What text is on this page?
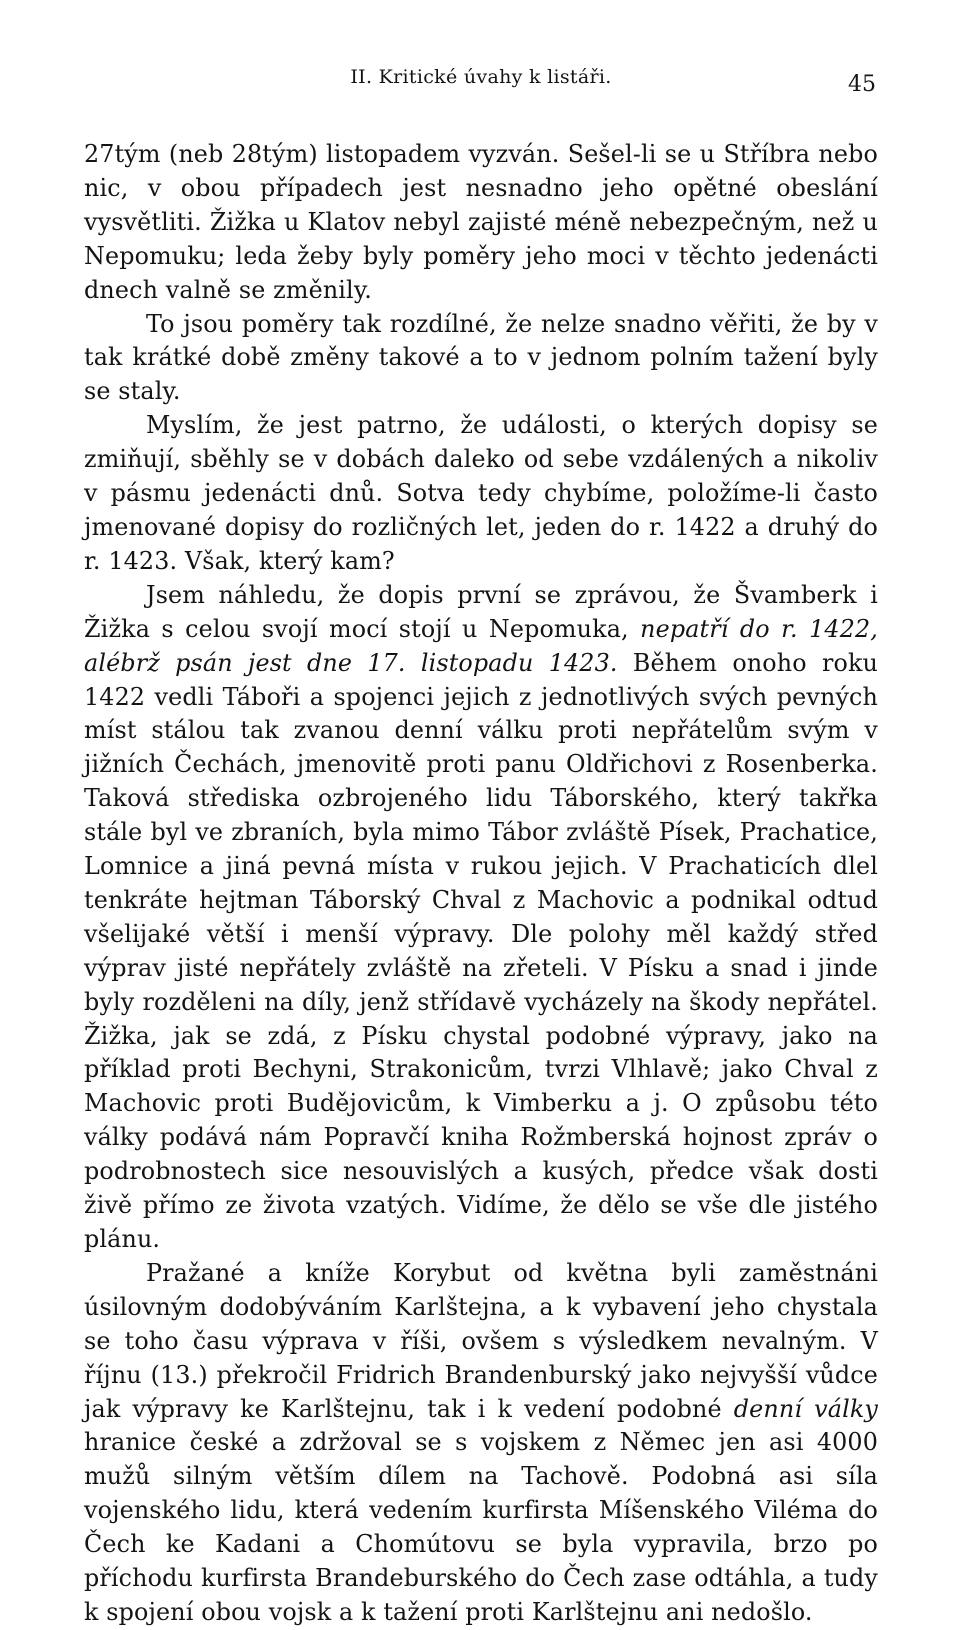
II. Kritické úvahy k listáři.	45

27tým (neb 28tým) listopadem vyzván. Sešel-li se u Stříbra nebo nic, v obou případech jest nesnadno jeho opětné obeslání vysvětliti. Žižka u Klatov nebyl zajisté méně nebezpečným, než u Nepomuku; leda žeby byly poměry jeho moci v těchto jedenácti dnech valně se změnily.

To jsou poměry tak rozdílné, že nelze snadno věřiti, že by v tak krátké době změny takové a to v jednom polním tažení byly se staly.

Myslím, že jest patrno, že události, o kterých dopisy se zmiňují, sběhly se v dobách daleko od sebe vzdálených a nikoliv v pásmu jedenácti dnů. Sotva tedy chybíme, položíme-li často jmenované dopisy do rozličných let, jeden do r. 1422 a druhý do r. 1423. Však, který kam?

Jsem náhledu, že dopis první se zprávou, že Švamberk i Žižka s celou svojí mocí stojí u Nepomuka, nepatří do r. 1422, alébrž psán jest dne 17. listopadu 1423. Během onoho roku 1422 vedli Táboři a spojenci jejich z jednotlivých svých pevných míst stálou tak zvanou denní válku proti nepřátelům svým v jižních Čechách, jmenovitě proti panu Oldřichovi z Rosenberka. Taková střediska ozbrojeného lidu Táborského, který takřka stále byl ve zbraních, byla mimo Tábor zvláště Písek, Prachatice, Lomnice a jiná pevná místa v rukou jejich. V Prachaticích dlel tenkráte hejtman Táborský Chval z Machovic a podnikal odtud všelijaké větší i menší výpravy. Dle polohy měl každý střed výprav jisté nepřátely zvláště na zřeteli. V Písku a snad i jinde byly rozděleni na díly, jenž střídavě vycházely na škody nepřátel. Žižka, jak se zdá, z Písku chystal podobné výpravy, jako na příklad proti Bechyni, Strakonicům, tvrzi Vlhlavě; jako Chval z Machovic proti Budějovicům, k Vimberku a j. O způsobu této války podává nám Popravčí kniha Rožmberská hojnost zpráv o podrobnostech sice nesouvislých a kusých, předce však dosti živě přímo ze života vzatých. Vidíme, že dělo se vše dle jistého plánu.

Pražané a kníže Korybut od května byli zaměstnáni úsilovným dodobýváním Karlštejna, a k vybavení jeho chystala se toho času výprava v říši, ovšem s výsledkem nevalným. V říjnu (13.) překročil Fridrich Brandenburský jako nejvyšší vůdce jak výpravy ke Karlštejnu, tak i k vedení podobné denní války hranice české a zdržoval se s vojskem z Němec jen asi 4000 mužů silným větším dílem na Tachově. Podobná asi síla vojenského lidu, která vedením kurfirsta Míšenského Viléma do Čech ke Kadani a Chomútovu se byla vypravila, brzo po příchodu kurfirsta Brandeburského do Čech zase odtáhla, a tudy k spojení obou vojsk a k tažení proti Karlštejnu ani nedošlo.
